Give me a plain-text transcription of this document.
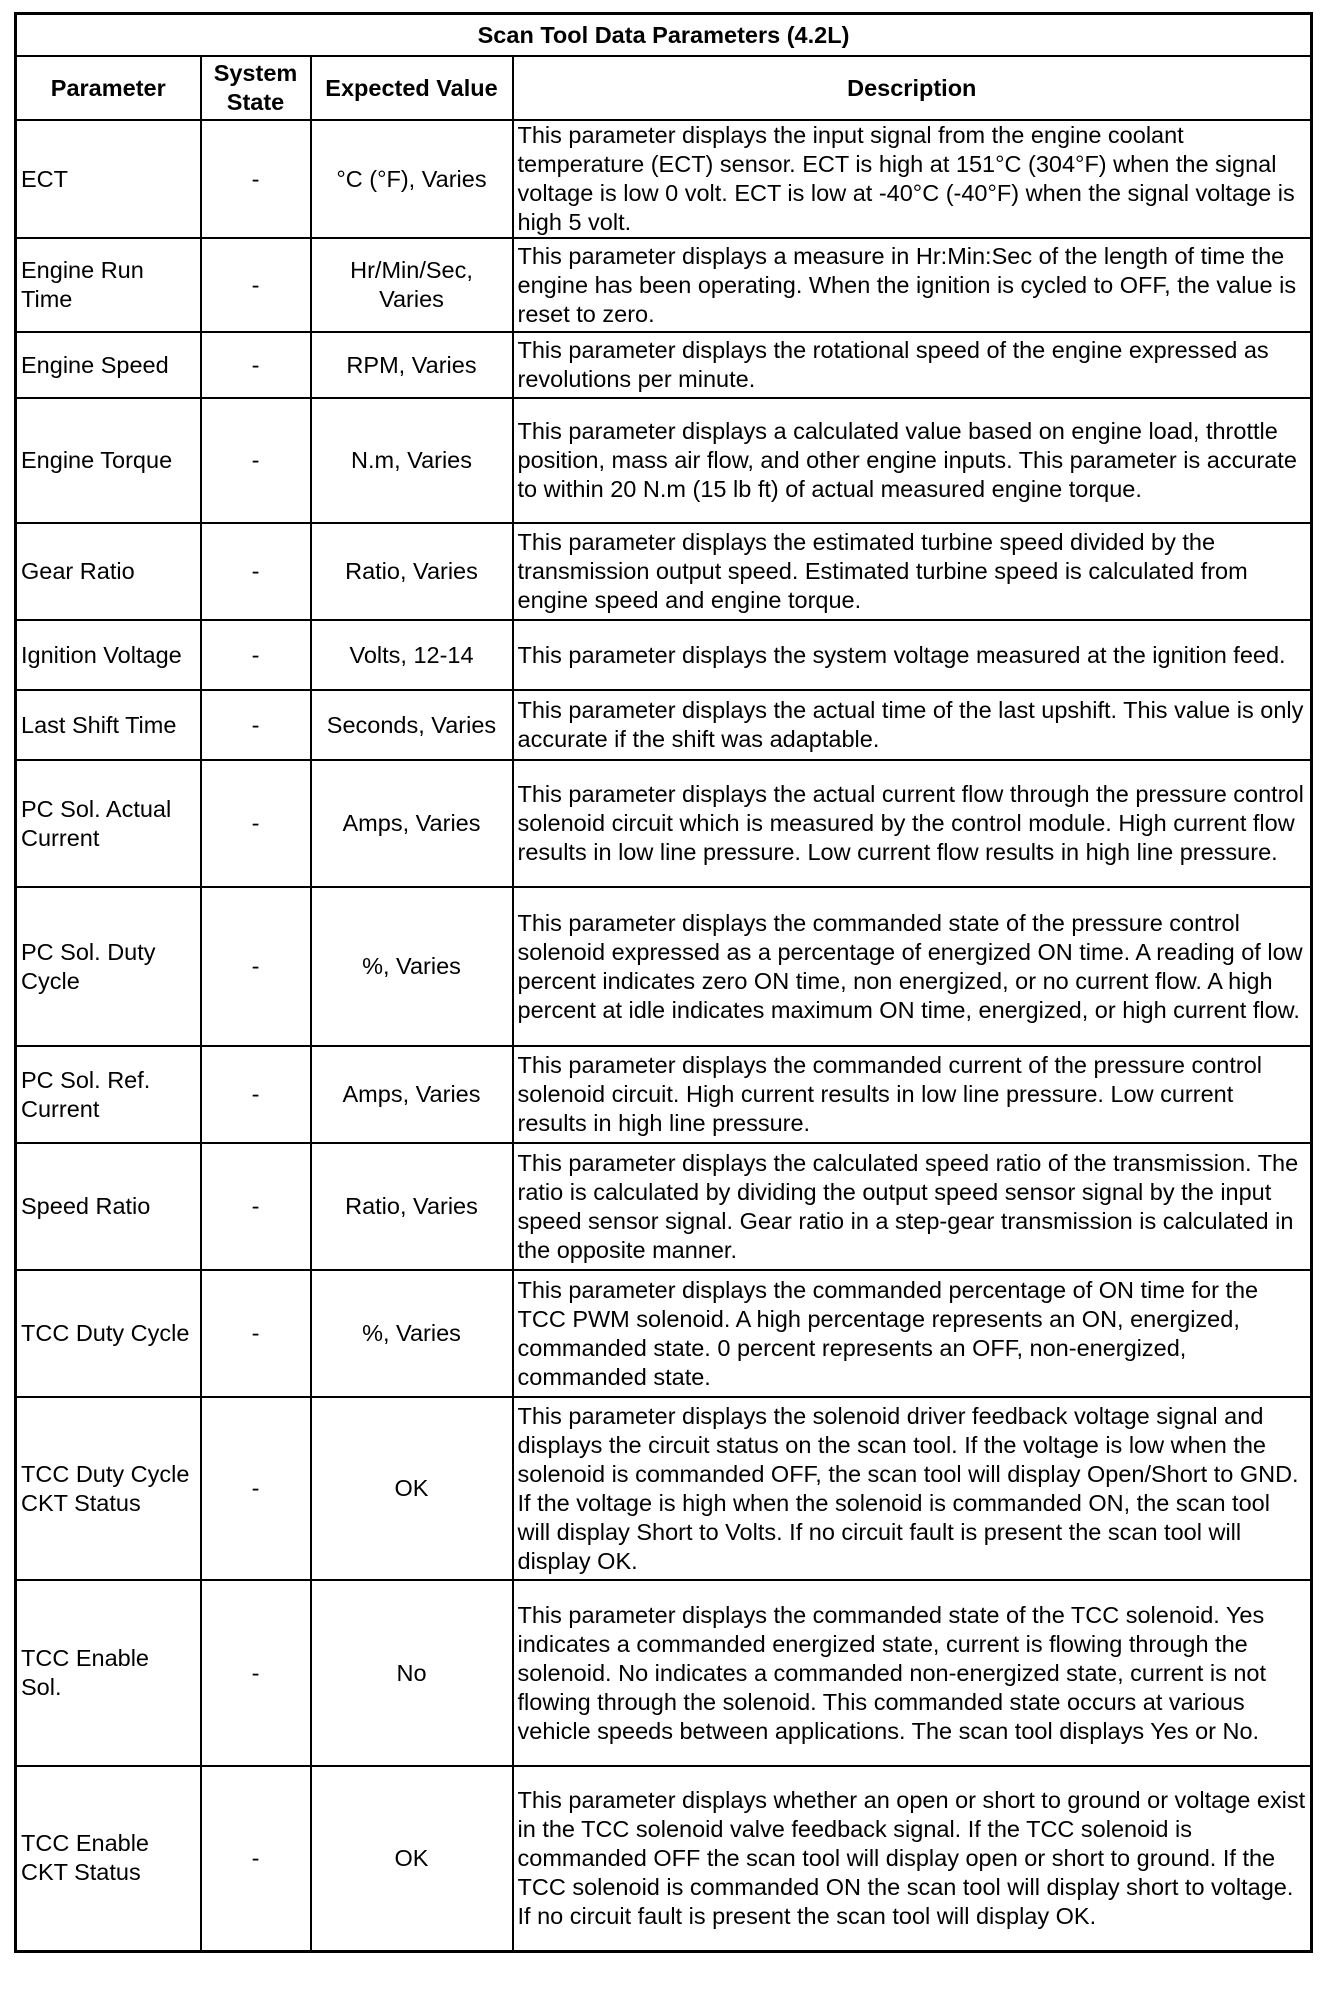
Scan Tool Data Parameters (4.2L)			
Parameter	System State	Expected Value	Description
ECT	-	°C (°F), Varies	This parameter displays the input signal from the engine coolant temperature (ECT) sensor. ECT is high at 151°C (304°F) when the signal voltage is low 0 volt. ECT is low at -40°C (-40°F) when the signal voltage is high 5 volt.
Engine Run Time	-	Hr/Min/Sec, Varies	This parameter displays a measure in Hr:Min:Sec of the length of time the engine has been operating. When the ignition is cycled to OFF, the value is reset to zero.
Engine Speed	-	RPM, Varies	This parameter displays the rotational speed of the engine expressed as revolutions per minute.
Engine Torque	-	N.m, Varies	This parameter displays a calculated value based on engine load, throttle position, mass air flow, and other engine inputs. This parameter is accurate to within 20 N.m (15 lb ft) of actual measured engine torque.
Gear Ratio	-	Ratio, Varies	This parameter displays the estimated turbine speed divided by the transmission output speed. Estimated turbine speed is calculated from engine speed and engine torque.
Ignition Voltage	-	Volts, 12-14	This parameter displays the system voltage measured at the ignition feed.
Last Shift Time	-	Seconds, Varies	This parameter displays the actual time of the last upshift. This value is only accurate if the shift was adaptable.
PC Sol. Actual Current	-	Amps, Varies	This parameter displays the actual current flow through the pressure control solenoid circuit which is measured by the control module. High current flow results in low line pressure. Low current flow results in high line pressure.
PC Sol. Duty Cycle	-	%, Varies	This parameter displays the commanded state of the pressure control solenoid expressed as a percentage of energized ON time. A reading of low percent indicates zero ON time, non energized, or no current flow. A high percent at idle indicates maximum ON time, energized, or high current flow.
PC Sol. Ref. Current	-	Amps, Varies	This parameter displays the commanded current of the pressure control solenoid circuit. High current results in low line pressure. Low current results in high line pressure.
Speed Ratio	-	Ratio, Varies	This parameter displays the calculated speed ratio of the transmission. The ratio is calculated by dividing the output speed sensor signal by the input speed sensor signal. Gear ratio in a step-gear transmission is calculated in the opposite manner.
TCC Duty Cycle	-	%, Varies	This parameter displays the commanded percentage of ON time for the TCC PWM solenoid. A high percentage represents an ON, energized, commanded state. 0 percent represents an OFF, non-energized, commanded state.
TCC Duty Cycle CKT Status	-	OK	This parameter displays the solenoid driver feedback voltage signal and displays the circuit status on the scan tool. If the voltage is low when the solenoid is commanded OFF, the scan tool will display Open/Short to GND. If the voltage is high when the solenoid is commanded ON, the scan tool will display Short to Volts. If no circuit fault is present the scan tool will display OK.
TCC Enable Sol.	-	No	This parameter displays the commanded state of the TCC solenoid. Yes indicates a commanded energized state, current is flowing through the solenoid. No indicates a commanded non-energized state, current is not flowing through the solenoid. This commanded state occurs at various vehicle speeds between applications. The scan tool displays Yes or No.
TCC Enable CKT Status	-	OK	This parameter displays whether an open or short to ground or voltage exist in the TCC solenoid valve feedback signal. If the TCC solenoid is commanded OFF the scan tool will display open or short to ground. If the TCC solenoid is commanded ON the scan tool will display short to voltage. If no circuit fault is present the scan tool will display OK.
